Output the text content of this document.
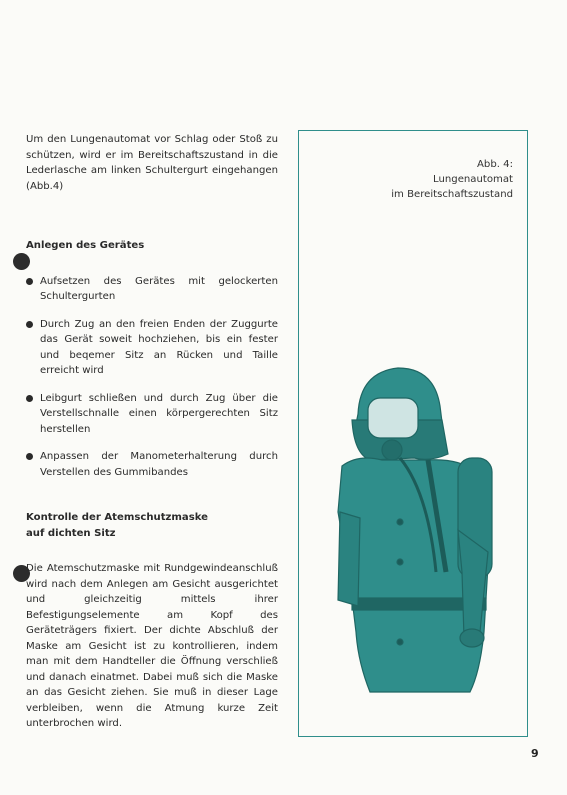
Um den Lungenautomat vor Schlag oder Stoß zu schützen, wird er im Bereitschaftszustand in die Lederlasche am linken Schultergurt eingehangen (Abb.4)

Anlegen des Gerätes

Aufsetzen des Gerätes mit gelockerten Schultergurten
Durch Zug an den freien Enden der Zuggurte das Gerät soweit hochziehen, bis ein fester und beqemer Sitz an Rücken und Taille erreicht wird
Leibgurt schließen und durch Zug über die Verstellschnalle einen körpergerechten Sitz herstellen
Anpassen der Manometerhalterung durch Verstellen des Gummibandes

Kontrolle der Atemschutzmaske
auf dichten Sitz

Die Atemschutzmaske mit Rundgewindeanschluß wird nach dem Anlegen am Gesicht ausgerichtet und gleichzeitig mittels ihrer Befestigungselemente am Kopf des Geräteträgers fixiert. Der dichte Abschluß der Maske am Gesicht ist zu kontrollieren, indem man mit dem Handteller die Öffnung verschließ und danach einatmet. Dabei muß sich die Maske an das Gesicht ziehen. Sie muß in dieser Lage verbleiben, wenn die Atmung kurze Zeit unterbrochen wird.

Abb. 4:
Lungenautomat
im Bereitschaftszustand
9
